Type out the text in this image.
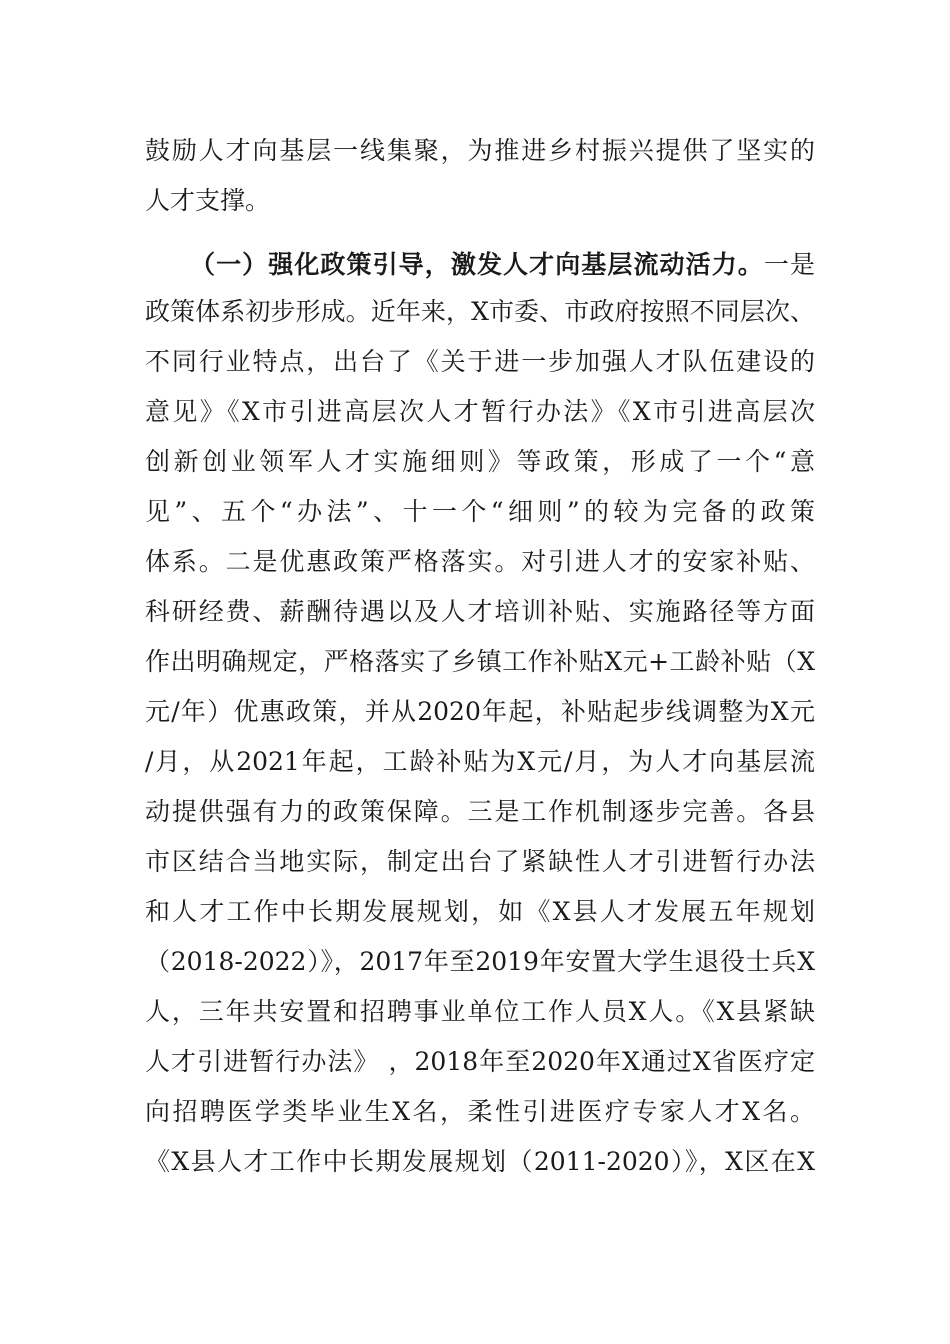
鼓励人才向基层一线集聚，为推进乡村振兴提供了坚实的
人才支撑。
（一）强化政策引导，激发人才向基层流动活力。一是
政策体系初步形成。近年来，X市委、市政府按照不同层次、
不同行业特点，出台了《关于进一步加强人才队伍建设的
意见》《X市引进高层次人才暂行办法》《X市引进高层次
创新创业领军人才实施细则》等政策，形成了一个“意
见”、五个“办法”、十一个“细则”的较为完备的政策
体系。二是优惠政策严格落实。对引进人才的安家补贴、
科研经费、薪酬待遇以及人才培训补贴、实施路径等方面
作出明确规定，严格落实了乡镇工作补贴X元+工龄补贴（X
元/年）优惠政策，并从2020年起，补贴起步线调整为X元
/月，从2021年起，工龄补贴为X元/月，为人才向基层流
动提供强有力的政策保障。三是工作机制逐步完善。各县
市区结合当地实际，制定出台了紧缺性人才引进暂行办法
和人才工作中长期发展规划，如《X县人才发展五年规划
（2018-2022）》，2017年至2019年安置大学生退役士兵X
人，三年共安置和招聘事业单位工作人员X人。《X县紧缺
人才引进暂行办法》 ，2018年至2020年X通过X省医疗定
向招聘医学类毕业生X名，柔性引进医疗专家人才X名。
《X县人才工作中长期发展规划（2011-2020）》，X区在X
